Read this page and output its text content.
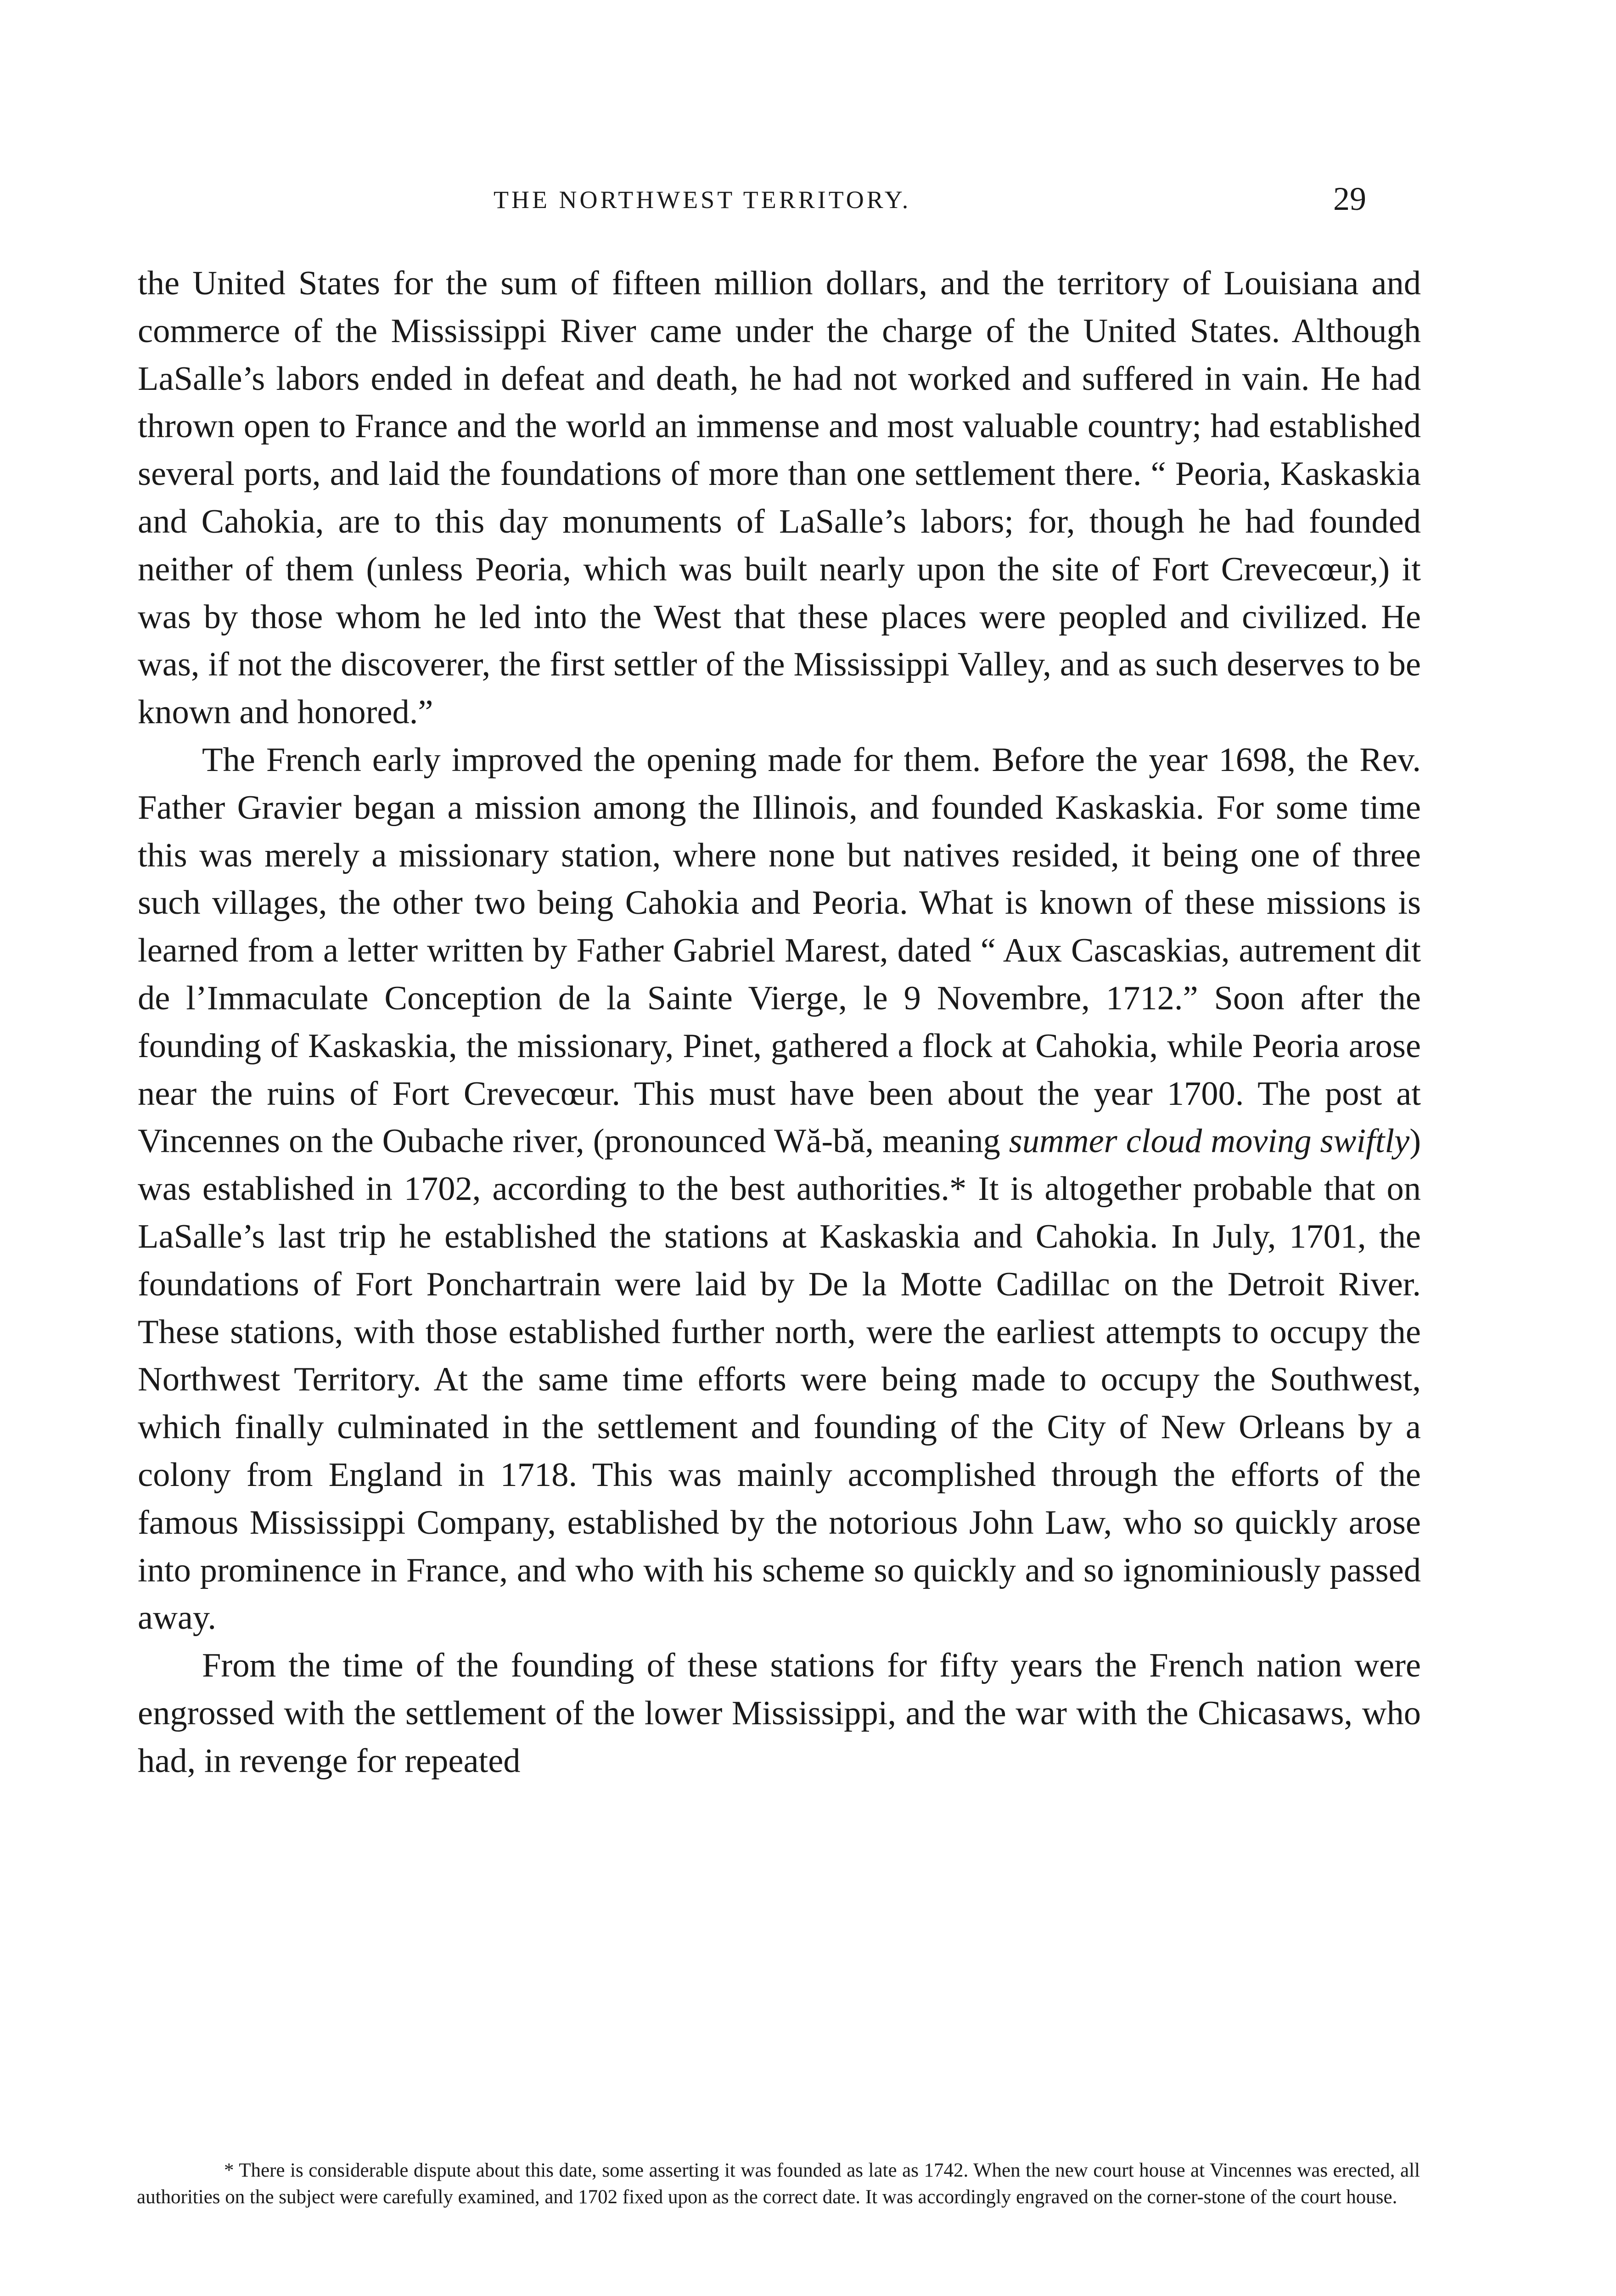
THE NORTHWEST TERRITORY.	29

the United States for the sum of fifteen million dollars, and the territory of Louisiana and commerce of the Mississippi River came under the charge of the United States. Although LaSalle’s labors ended in defeat and death, he had not worked and suffered in vain. He had thrown open to France and the world an immense and most valuable country; had established several ports, and laid the foundations of more than one settlement there. “ Peoria, Kaskaskia and Cahokia, are to this day monuments of LaSalle’s labors; for, though he had founded neither of them (unless Peoria, which was built nearly upon the site of Fort Crevecœur,) it was by those whom he led into the West that these places were peopled and civilized. He was, if not the discoverer, the first settler of the Mississippi Valley, and as such deserves to be known and honored.”

The French early improved the opening made for them. Before the year 1698, the Rev. Father Gravier began a mission among the Illinois, and founded Kaskaskia. For some time this was merely a missionary station, where none but natives resided, it being one of three such villages, the other two being Cahokia and Peoria. What is known of these missions is learned from a letter written by Father Gabriel Marest, dated “ Aux Cascaskias, autrement dit de l’Immaculate Conception de la Sainte Vierge, le 9 Novembre, 1712.” Soon after the founding of Kaskaskia, the missionary, Pinet, gathered a flock at Cahokia, while Peoria arose near the ruins of Fort Crevecœur. This must have been about the year 1700. The post at Vincennes on the Oubache river, (pronounced Wă-bă, meaning summer cloud moving swiftly) was established in 1702, according to the best authorities.* It is altogether probable that on LaSalle’s last trip he established the stations at Kaskaskia and Cahokia. In July, 1701, the foundations of Fort Ponchartrain were laid by De la Motte Cadillac on the Detroit River. These stations, with those established further north, were the earliest attempts to occupy the Northwest Territory. At the same time efforts were being made to occupy the Southwest, which finally culminated in the settlement and founding of the City of New Orleans by a colony from England in 1718. This was mainly accomplished through the efforts of the famous Mississippi Company, established by the notorious John Law, who so quickly arose into prominence in France, and who with his scheme so quickly and so ignominiously passed away.

From the time of the founding of these stations for fifty years the French nation were engrossed with the settlement of the lower Mississippi, and the war with the Chicasaws, who had, in revenge for repeated

* There is considerable dispute about this date, some asserting it was founded as late as 1742. When the new court house at Vincennes was erected, all authorities on the subject were carefully examined, and 1702 fixed upon as the correct date. It was accordingly engraved on the corner-stone of the court house.
